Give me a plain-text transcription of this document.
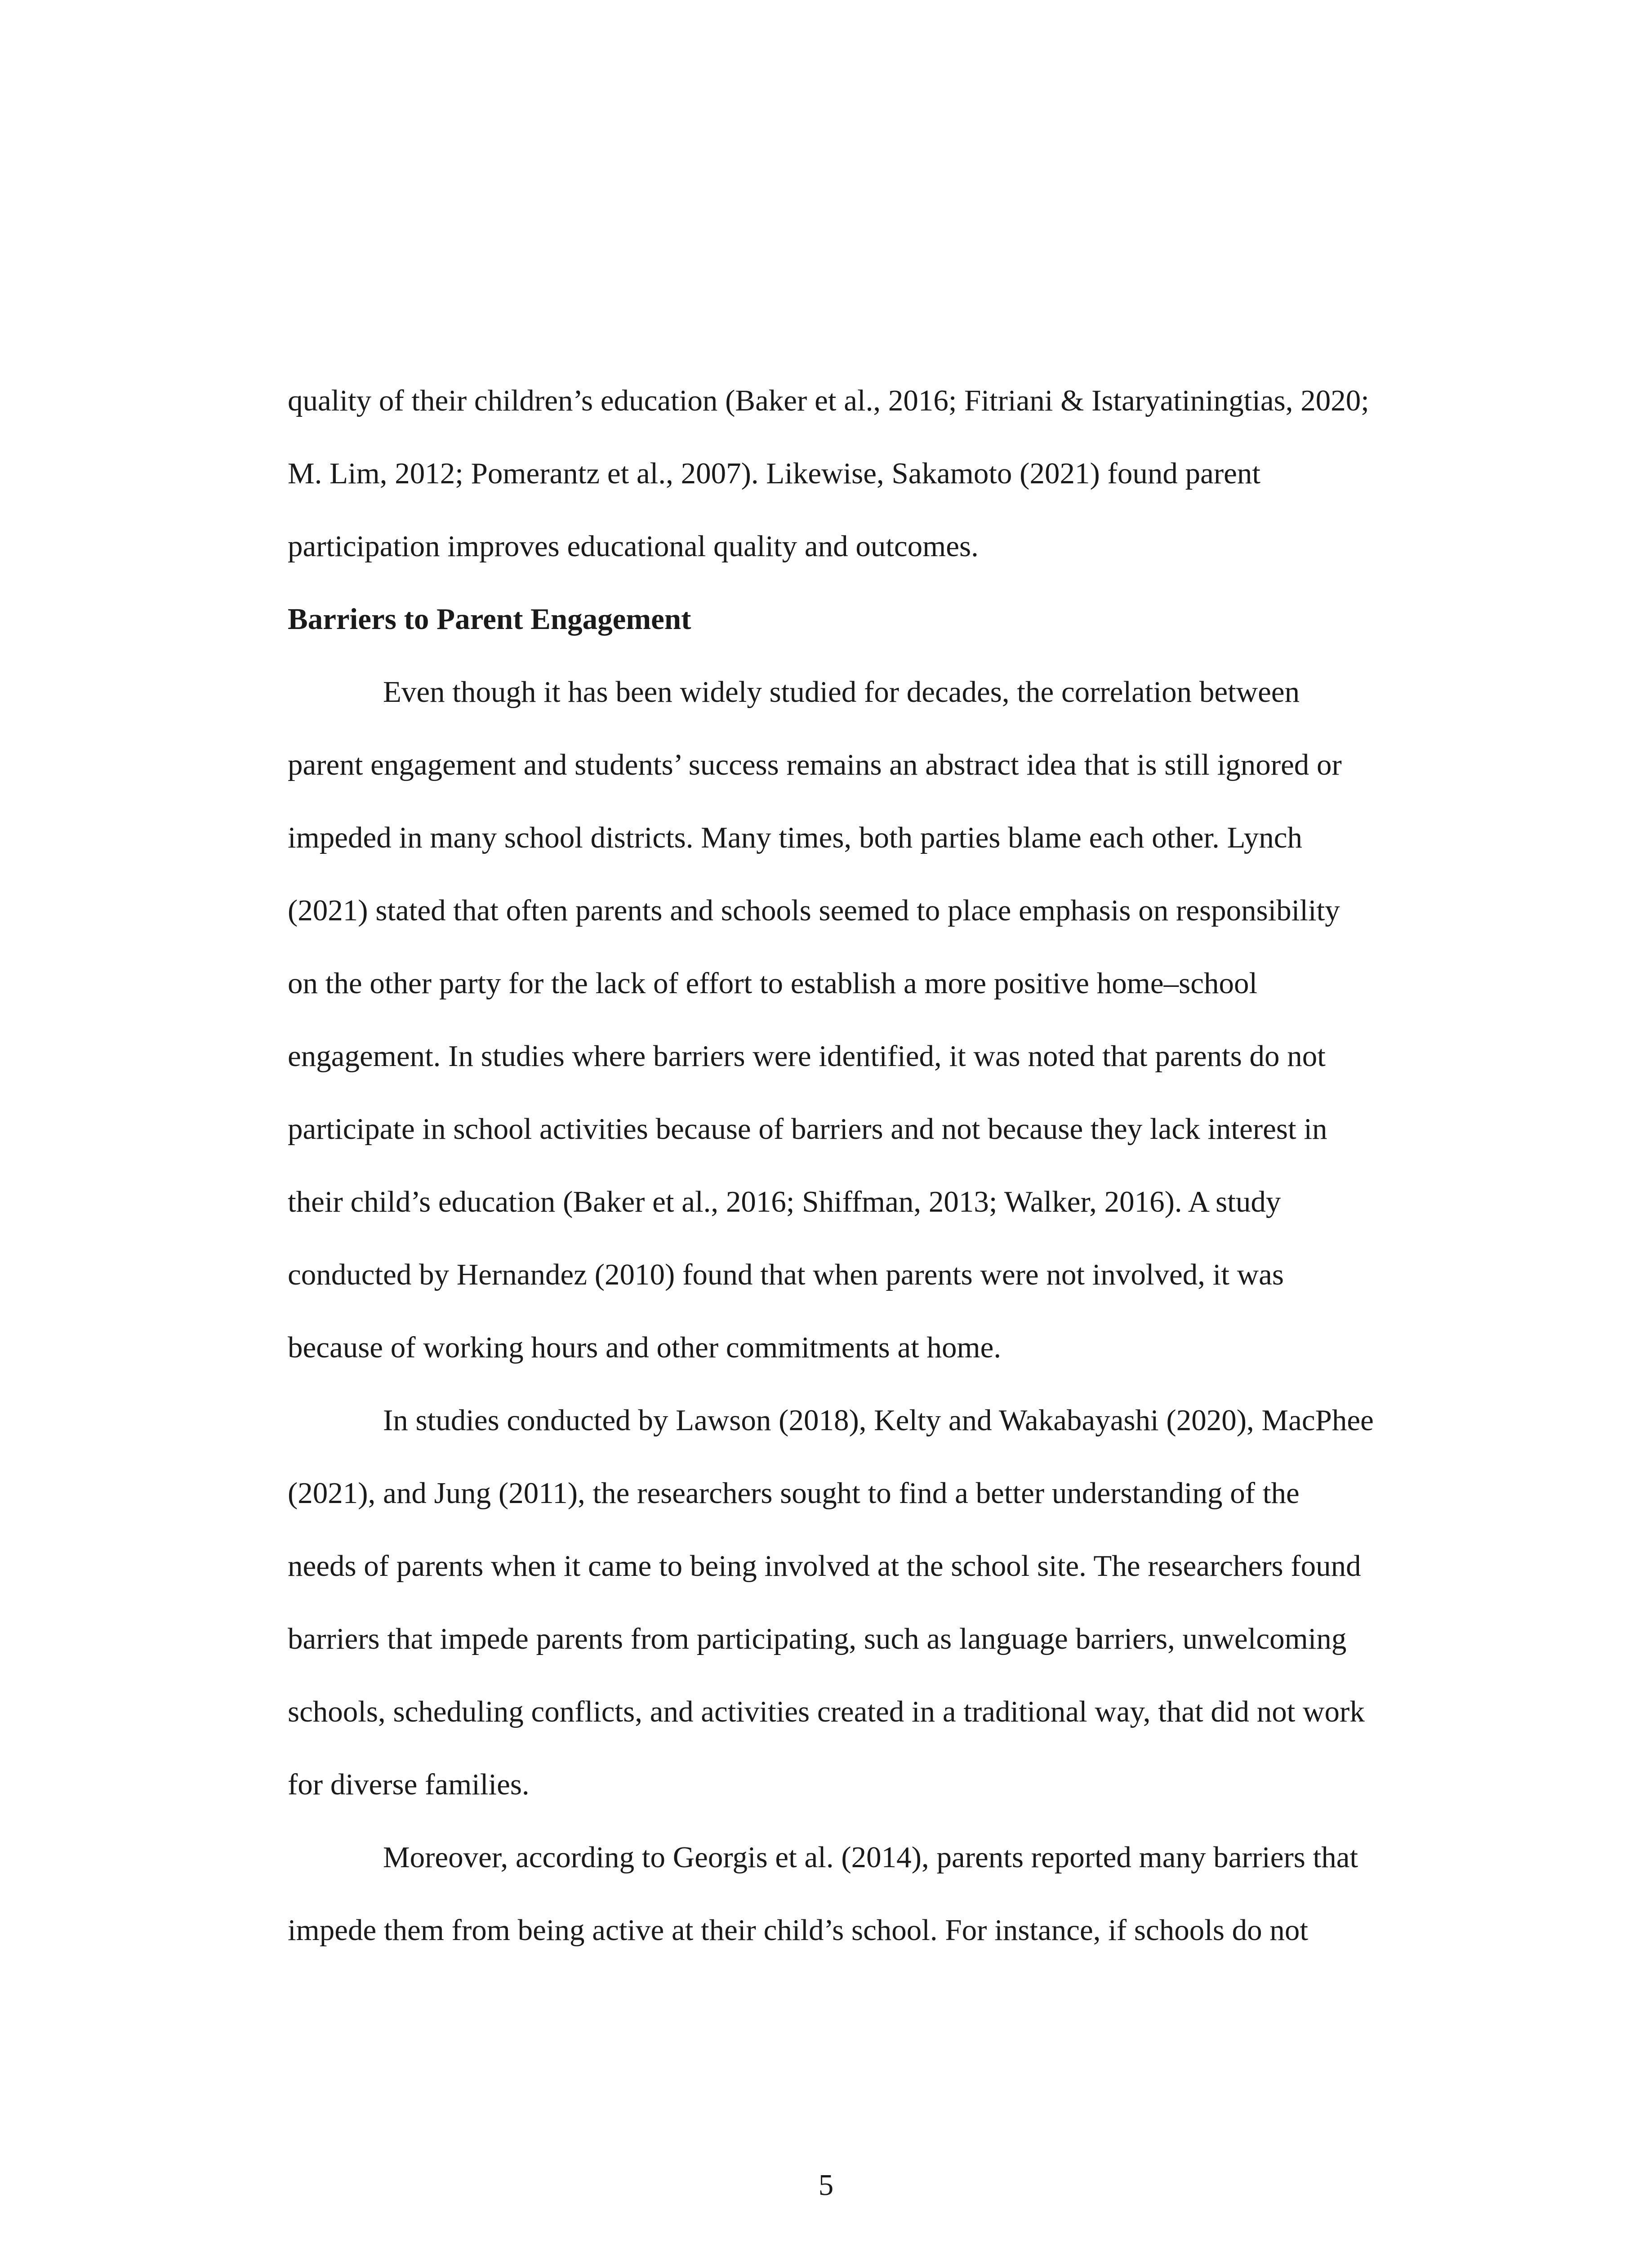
quality of their children’s education (Baker et al., 2016; Fitriani & Istaryatiningtias, 2020;
M. Lim, 2012; Pomerantz et al., 2007). Likewise, Sakamoto (2021) found parent
participation improves educational quality and outcomes.
Barriers to Parent Engagement
Even though it has been widely studied for decades, the correlation between
parent engagement and students’ success remains an abstract idea that is still ignored or
impeded in many school districts. Many times, both parties blame each other. Lynch
(2021) stated that often parents and schools seemed to place emphasis on responsibility
on the other party for the lack of effort to establish a more positive home–school
engagement. In studies where barriers were identified, it was noted that parents do not
participate in school activities because of barriers and not because they lack interest in
their child’s education (Baker et al., 2016; Shiffman, 2013; Walker, 2016). A study
conducted by Hernandez (2010) found that when parents were not involved, it was
because of working hours and other commitments at home.
In studies conducted by Lawson (2018), Kelty and Wakabayashi (2020), MacPhee
(2021), and Jung (2011), the researchers sought to find a better understanding of the
needs of parents when it came to being involved at the school site. The researchers found
barriers that impede parents from participating, such as language barriers, unwelcoming
schools, scheduling conflicts, and activities created in a traditional way, that did not work
for diverse families.
Moreover, according to Georgis et al. (2014), parents reported many barriers that
impede them from being active at their child’s school. For instance, if schools do not
5
